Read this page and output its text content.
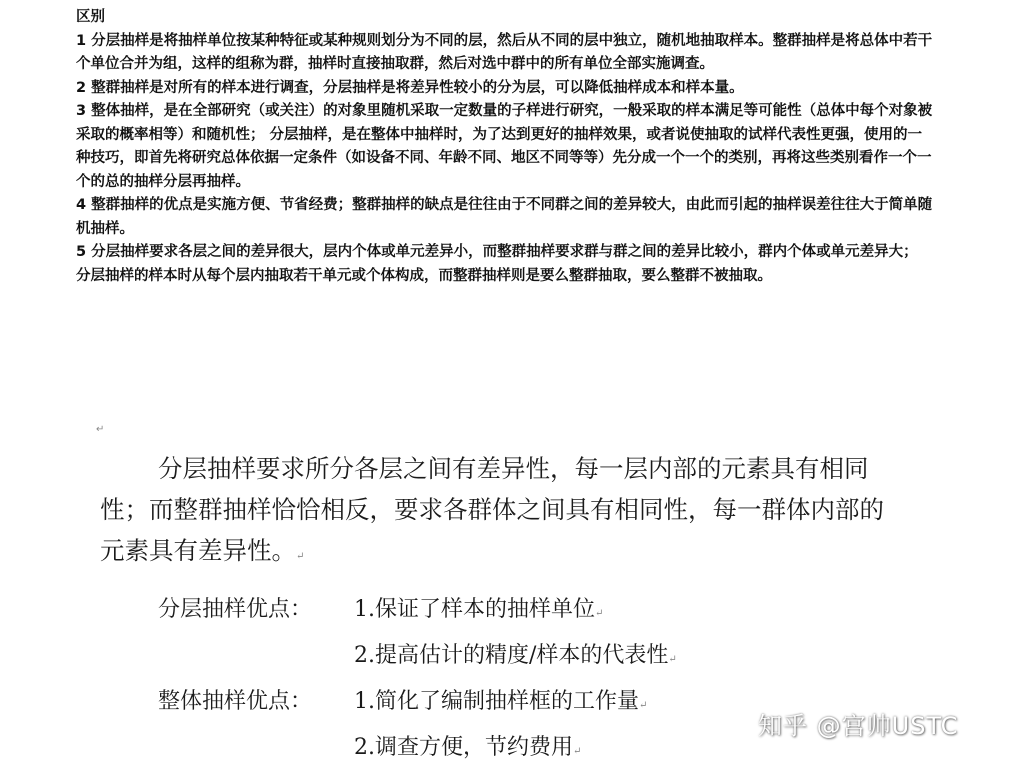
区别

1 分层抽样是将抽样单位按某种特征或某种规则划分为不同的层，然后从不同的层中独立，随机地抽取样本。整群抽样是将总体中若干个单位合并为组，这样的组称为群，抽样时直接抽取群，然后对选中群中的所有单位全部实施调查。

2 整群抽样是对所有的样本进行调查，分层抽样是将差异性较小的分为层，可以降低抽样成本和样本量。

3 整体抽样，是在全部研究（或关注）的对象里随机采取一定数量的子样进行研究，一般采取的样本满足等可能性（总体中每个对象被采取的概率相等）和随机性； 分层抽样，是在整体中抽样时，为了达到更好的抽样效果，或者说使抽取的试样代表性更强，使用的一种技巧，即首先将研究总体依据一定条件（如设备不同、年龄不同、地区不同等等）先分成一个一个的类别，再将这些类别看作一个一个的总的抽样分层再抽样。

4 整群抽样的优点是实施方便、节省经费；整群抽样的缺点是往往由于不同群之间的差异较大，由此而引起的抽样误差往往大于简单随机抽样。

5 分层抽样要求各层之间的差异很大，层内个体或单元差异小，而整群抽样要求群与群之间的差异比较小，群内个体或单元差异大； 分层抽样的样本时从每个层内抽取若干单元或个体构成，而整群抽样则是要么整群抽取，要么整群不被抽取。

↵
分层抽样要求所分各层之间有差异性，每一层内部的元素具有相同性；而整群抽样恰恰相反，要求各群体之间具有相同性，每一群体内部的元素具有差异性。↵
分层抽样优点： 1.保证了样本的抽样单位↵
2.提高估计的精度/样本的代表性↵
整体抽样优点： 1.简化了编制抽样框的工作量↵
2.调查方便，节约费用↵
知乎 @宫帅USTC
